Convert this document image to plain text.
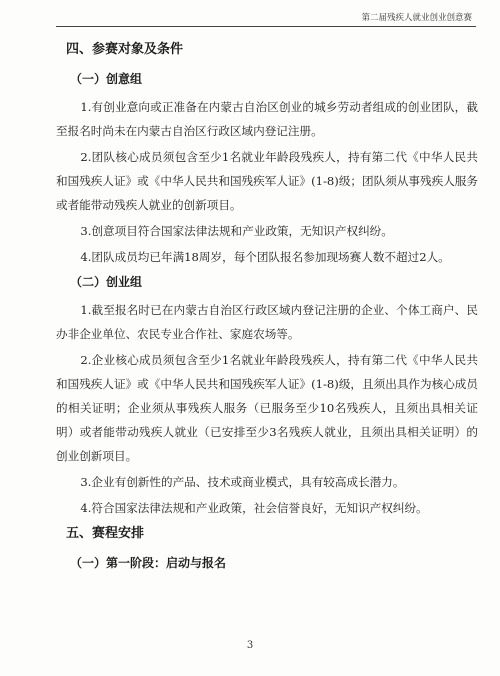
第二届残疾人就业创业创意赛
四、参赛对象及条件
（一）创意组

1.有创业意向或正准备在内蒙古自治区创业的城乡劳动者组成的创业团队，截至报名时尚未在内蒙古自治区行政区域内登记注册。

2.团队核心成员须包含至少1名就业年龄段残疾人，持有第二代《中华人民共和国残疾人证》或《中华人民共和国残疾军人证》(1-8)级；团队须从事残疾人服务或者能带动残疾人就业的创新项目。

3.创意项目符合国家法律法规和产业政策，无知识产权纠纷。

4.团队成员均已年满18周岁，每个团队报名参加现场赛人数不超过2人。

（二）创业组

1.截至报名时已在内蒙古自治区行政区域内登记注册的企业、个体工商户、民办非企业单位、农民专业合作社、家庭农场等。

2.企业核心成员须包含至少1名就业年龄段残疾人，持有第二代《中华人民共和国残疾人证》或《中华人民共和国残疾军人证》(1-8)级，且须出具作为核心成员的相关证明；企业须从事残疾人服务（已服务至少10名残疾人，且须出具相关证明）或者能带动残疾人就业（已安排至少3名残疾人就业，且须出具相关证明）的创业创新项目。

3.企业有创新性的产品、技术或商业模式，具有较高成长潜力。

4.符合国家法律法规和产业政策，社会信誉良好，无知识产权纠纷。

五、赛程安排
（一）第一阶段：启动与报名
3
